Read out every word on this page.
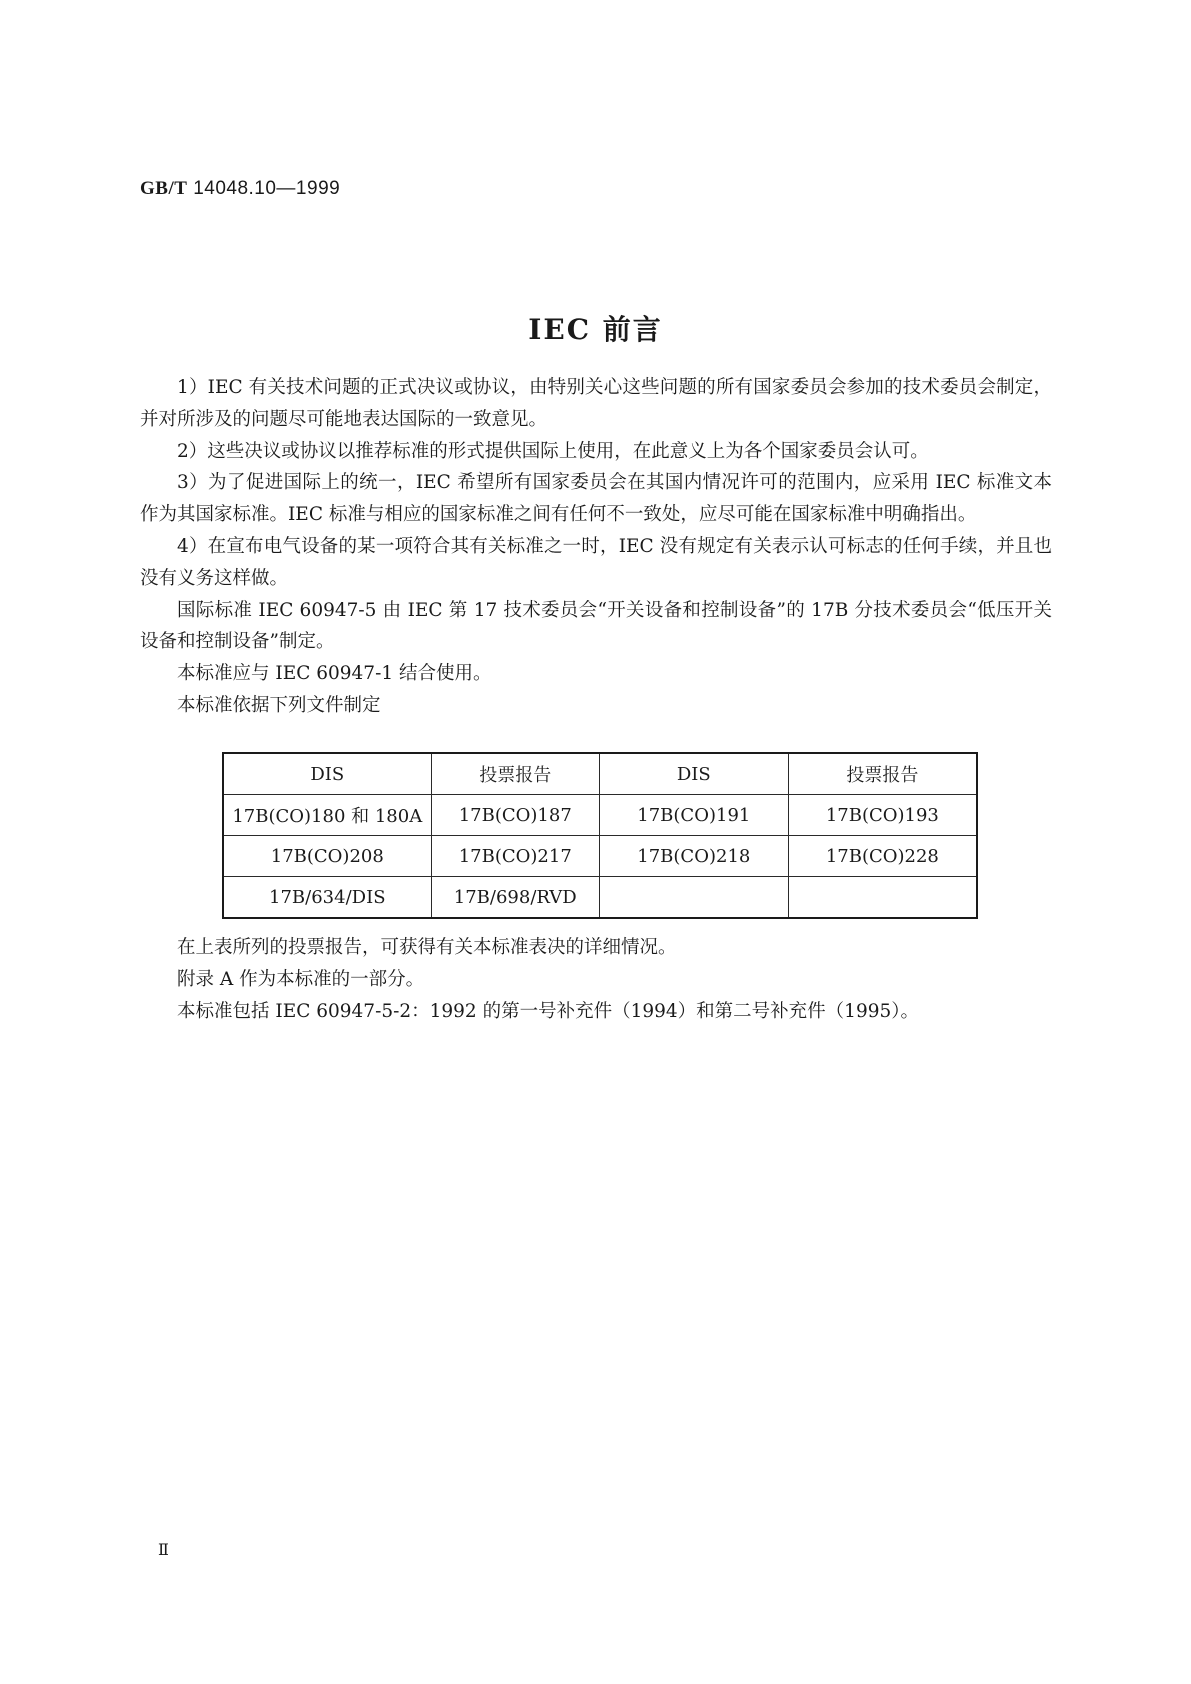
GB/T 14048.10—1999
IEC 前言

1）IEC 有关技术问题的正式决议或协议，由特别关心这些问题的所有国家委员会参加的技术委员会制定，并对所涉及的问题尽可能地表达国际的一致意见。

2）这些决议或协议以推荐标准的形式提供国际上使用，在此意义上为各个国家委员会认可。

3）为了促进国际上的统一，IEC 希望所有国家委员会在其国内情况许可的范围内，应采用 IEC 标准文本作为其国家标准。IEC 标准与相应的国家标准之间有任何不一致处，应尽可能在国家标准中明确指出。

4）在宣布电气设备的某一项符合其有关标准之一时，IEC 没有规定有关表示认可标志的任何手续，并且也没有义务这样做。

国际标准 IEC 60947-5 由 IEC 第 17 技术委员会“开关设备和控制设备”的 17B 分技术委员会“低压开关设备和控制设备”制定。

本标准应与 IEC 60947-1 结合使用。

本标准依据下列文件制定

DIS	投票报告	DIS	投票报告
17B(CO)180 和 180A	17B(CO)187	17B(CO)191	17B(CO)193
17B(CO)208	17B(CO)217	17B(CO)218	17B(CO)228
17B/634/DIS	17B/698/RVD		

在上表所列的投票报告，可获得有关本标准表决的详细情况。

附录 A 作为本标准的一部分。

本标准包括 IEC 60947-5-2：1992 的第一号补充件（1994）和第二号补充件（1995）。

Ⅱ
